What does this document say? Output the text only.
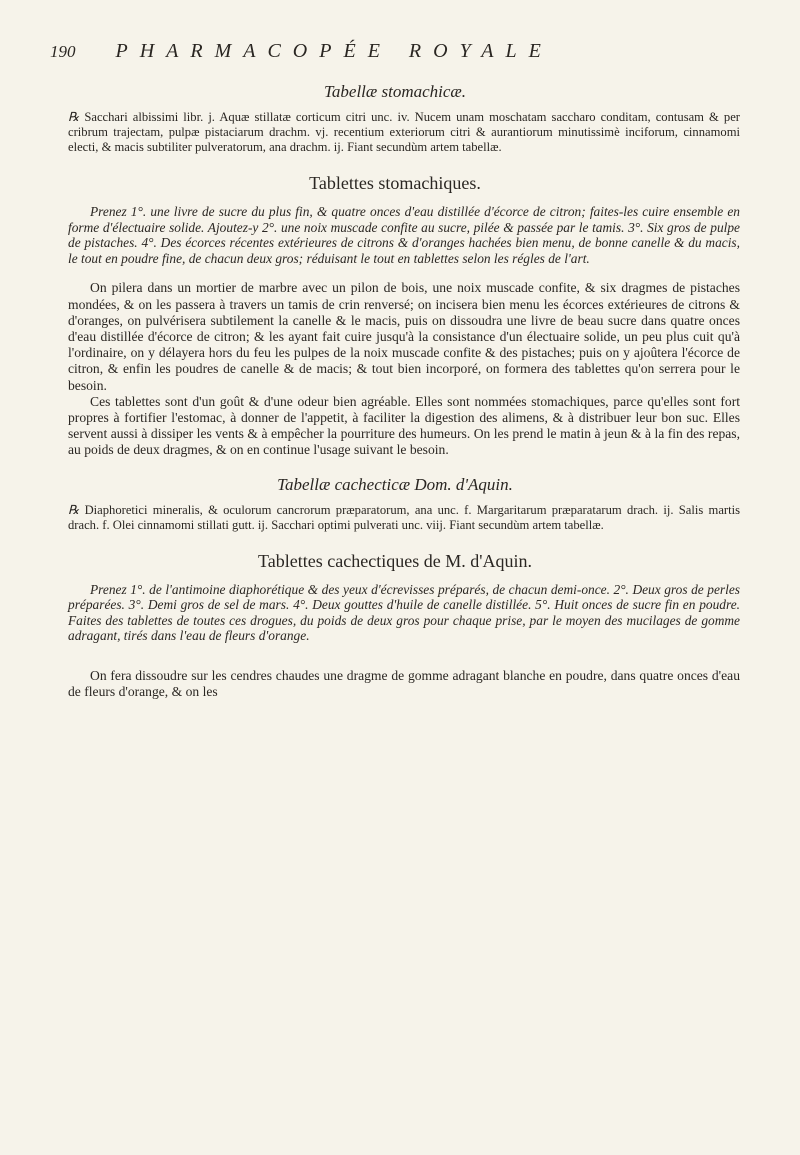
190 PHARMACOPÉE ROYALE
Tabellæ stomachicæ.

℞ Sacchari albissimi libr. j. Aquæ stillatæ corticum citri unc. iv. Nucem unam moschatam saccharo conditam, contusam & per cribrum trajectam, pulpæ pistaciarum drachm. vj. recentium exteriorum citri & aurantiorum minutissimè inciforum, cinnamomi electi, & macis subtiliter pulveratorum, ana drachm. ij. Fiant secundùm artem tabellæ.

Tablettes stomachiques.

Prenez 1°. une livre de sucre du plus fin, & quatre onces d'eau distillée d'écorce de citron; faites-les cuire ensemble en forme d'électuaire solide. Ajoutez-y 2°. une noix muscade confite au sucre, pilée & passée par le tamis. 3°. Six gros de pulpe de pistaches. 4°. Des écorces récentes extérieures de citrons & d'oranges hachées bien menu, de bonne canelle & du macis, le tout en poudre fine, de chacun deux gros; réduisant le tout en tablettes selon les régles de l'art.

On pilera dans un mortier de marbre avec un pilon de bois, une noix muscade confite, & six dragmes de pistaches mondées, & on les passera à travers un tamis de crin renversé; on incisera bien menu les écorces extérieures de citrons & d'oranges, on pulvérisera subtilement la canelle & le macis, puis on dissoudra une livre de beau sucre dans quatre onces d'eau distillée d'écorce de citron; & les ayant fait cuire jusqu'à la consistance d'un électuaire solide, un peu plus cuit qu'à l'ordinaire, on y délayera hors du feu les pulpes de la noix muscade confite & des pistaches; puis on y ajoûtera l'écorce de citron, & enfin les poudres de canelle & de macis; & tout bien incorporé, on formera des tablettes qu'on serrera pour le besoin.

Ces tablettes sont d'un goût & d'une odeur bien agréable. Elles sont nommées stomachiques, parce qu'elles sont fort propres à fortifier l'estomac, à donner de l'appetit, à faciliter la digestion des alimens, & à distribuer leur bon suc. Elles servent aussi à dissiper les vents & à empêcher la pourriture des humeurs. On les prend le matin à jeun & à la fin des repas, au poids de deux dragmes, & on en continue l'usage suivant le besoin.

Tabellæ cachecticæ Dom. d'Aquin.

℞ Diaphoretici mineralis, & oculorum cancrorum præparatorum, ana unc. f. Margaritarum præparatarum drach. ij. Salis martis drach. f. Olei cinnamomi stillati gutt. ij. Sacchari optimi pulverati unc. viij. Fiant secundùm artem tabellæ.

Tablettes cachectiques de M. d'Aquin.

Prenez 1°. de l'antimoine diaphorétique & des yeux d'écrevisses préparés, de chacun demi-once. 2°. Deux gros de perles préparées. 3°. Demi gros de sel de mars. 4°. Deux gouttes d'huile de canelle distillée. 5°. Huit onces de sucre fin en poudre. Faites des tablettes de toutes ces drogues, du poids de deux gros pour chaque prise, par le moyen des mucilages de gomme adragant, tirés dans l'eau de fleurs d'orange.

On fera dissoudre sur les cendres chaudes une dragme de gomme adragant blanche en poudre, dans quatre onces d'eau de fleurs d'orange, & on les
